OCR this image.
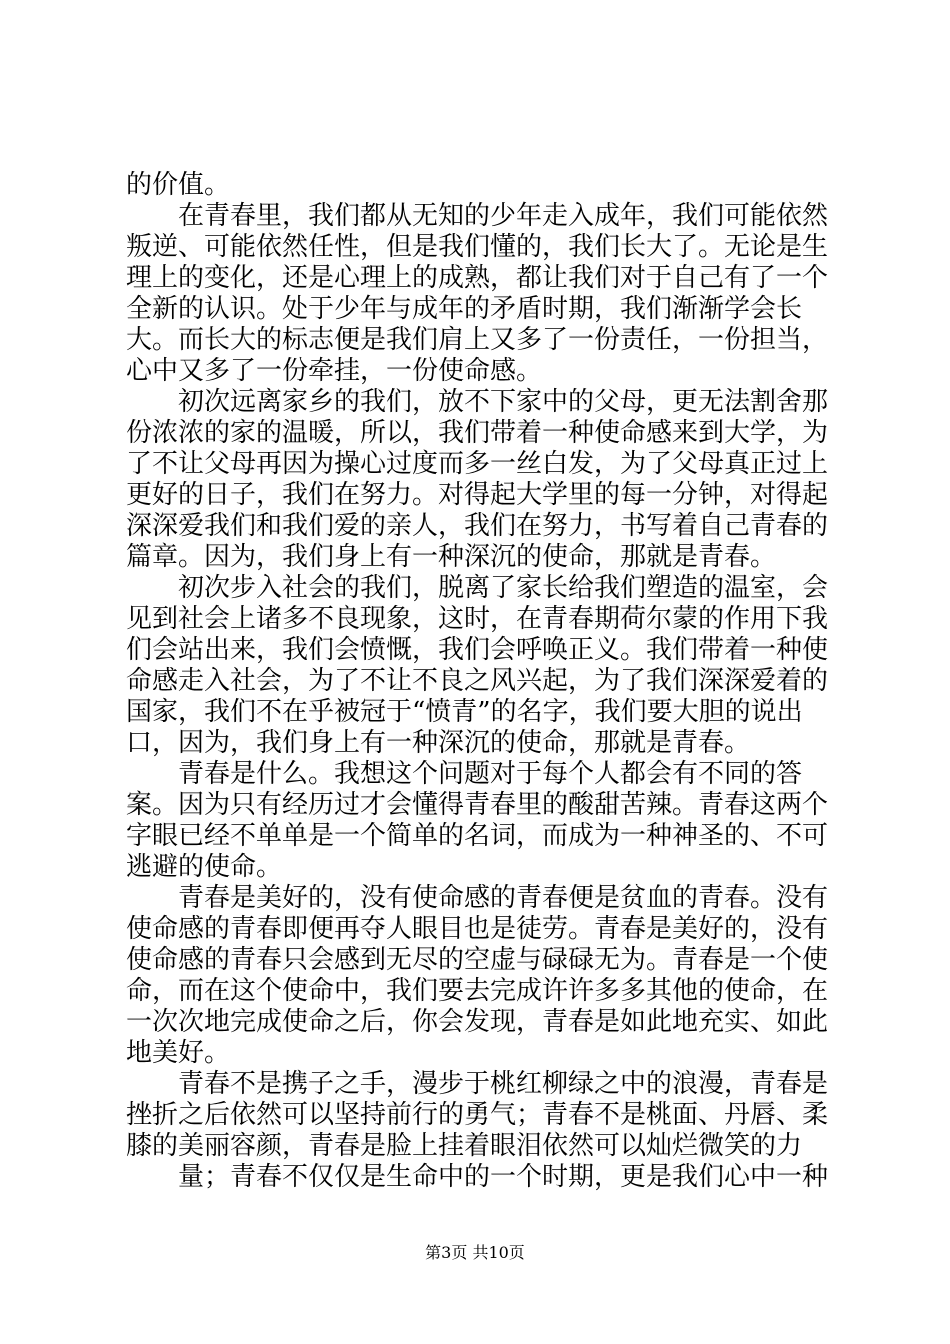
的价值。

　　在青春里，我们都从无知的少年走入成年，我们可能依然叛逆、可能依然任性，但是我们懂的，我们长大了。无论是生理上的变化，还是心理上的成熟，都让我们对于自己有了一个全新的认识。处于少年与成年的矛盾时期，我们渐渐学会长大。而长大的标志便是我们肩上又多了一份责任，一份担当，心中又多了一份牵挂，一份使命感。

　　初次远离家乡的我们，放不下家中的父母，更无法割舍那份浓浓的家的温暖，所以，我们带着一种使命感来到大学，为了不让父母再因为操心过度而多一丝白发，为了父母真正过上更好的日子，我们在努力。对得起大学里的每一分钟，对得起深深爱我们和我们爱的亲人，我们在努力，书写着自己青春的篇章。因为，我们身上有一种深沉的使命，那就是青春。

　　初次步入社会的我们，脱离了家长给我们塑造的温室，会见到社会上诸多不良现象，这时，在青春期荷尔蒙的作用下我们会站出来，我们会愤慨，我们会呼唤正义。我们带着一种使命感走入社会，为了不让不良之风兴起，为了我们深深爱着的国家，我们不在乎被冠于“愤青”的名字，我们要大胆的说出口，因为，我们身上有一种深沉的使命，那就是青春。

　　青春是什么。我想这个问题对于每个人都会有不同的答案。因为只有经历过才会懂得青春里的酸甜苦辣。青春这两个字眼已经不单单是一个简单的名词，而成为一种神圣的、不可逃避的使命。

　　青春是美好的，没有使命感的青春便是贫血的青春。没有使命感的青春即便再夺人眼目也是徒劳。青春是美好的，没有使命感的青春只会感到无尽的空虚与碌碌无为。青春是一个使命，而在这个使命中，我们要去完成许许多多其他的使命，在一次次地完成使命之后，你会发现，青春是如此地充实、如此地美好。

　　青春不是携子之手，漫步于桃红柳绿之中的浪漫，青春是挫折之后依然可以坚持前行的勇气；青春不是桃面、丹唇、柔膝的美丽容颜，青春是脸上挂着眼泪依然可以灿烂微笑的力

　　量；青春不仅仅是生命中的一个时期，更是我们心中一种

第3页 共10页
